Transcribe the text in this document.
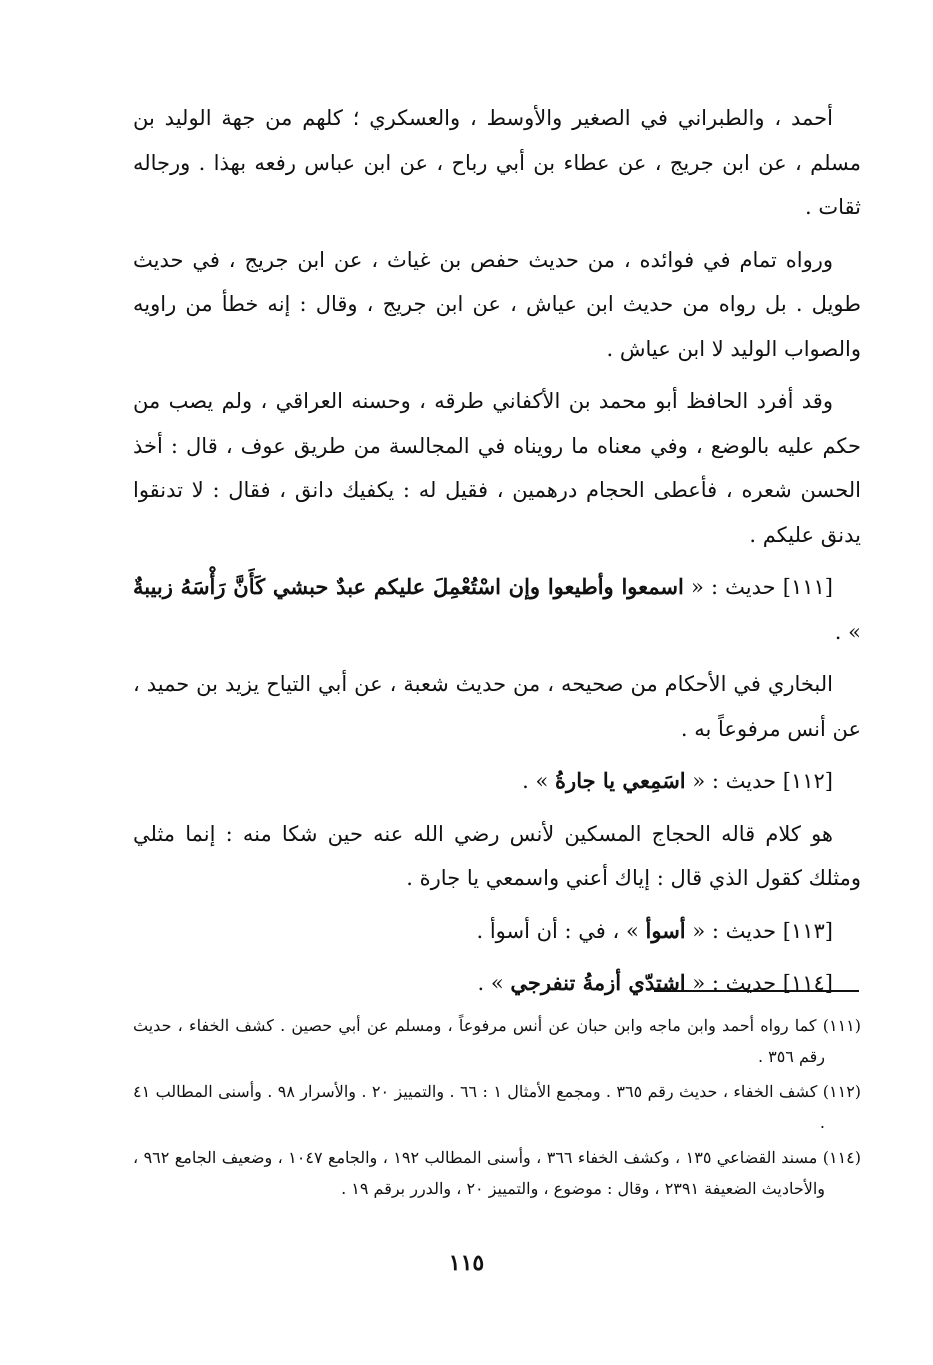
أحمد ، والطبراني في الصغير والأوسط ، والعسكري ؛ كلهم من جهة الوليد بن مسلم ، عن ابن جريج ، عن عطاء بن أبي رباح ، عن ابن عباس رفعه بهذا . ورجاله ثقات .

ورواه تمام في فوائده ، من حديث حفص بن غياث ، عن ابن جريج ، في حديث طويل . بل رواه من حديث ابن عياش ، عن ابن جريج ، وقال : إنه خطأ من راويه والصواب الوليد لا ابن عياش .

وقد أفرد الحافظ أبو محمد بن الأكفاني طرقه ، وحسنه العراقي ، ولم يصب من حكم عليه بالوضع ، وفي معناه ما رويناه في المجالسة من طريق عوف ، قال : أخذ الحسن شعره ، فأعطى الحجام درهمين ، فقيل له : يكفيك دانق ، فقال : لا تدنقوا يدنق عليكم .

[١١١] حديث : « اسمعوا وأطيعوا وإن اسْتُعْمِلَ عليكم عبدٌ حبشي كَأَنَّ رَأْسَهُ زبيبةٌ » .

البخاري في الأحكام من صحيحه ، من حديث شعبة ، عن أبي التياح يزيد بن حميد ، عن أنس مرفوعاً به .

[١١٢] حديث : « اسَمِعي يا جارةُ » .

هو كلام قاله الحجاج المسكين لأنس رضي الله عنه حين شكا منه : إنما مثلي ومثلك كقول الذي قال : إياك أعني واسمعي يا جارة .

[١١٣] حديث : « أسوأ » ، في : أن أسوأ .

[١١٤] حديث : « اشتدّي أزمةُ تنفرجي » .

(١١١) كما رواه أحمد وابن ماجه وابن حبان عن أنس مرفوعاً ، ومسلم عن أبي حصين . كشف الخفاء ، حديث رقم ٣٥٦ .

(١١٢) كشف الخفاء ، حديث رقم ٣٦٥ . ومجمع الأمثال ١ : ٦٦ . والتمييز ٢٠ . والأسرار ٩٨ . وأسنى المطالب ٤١ .

(١١٤) مسند القضاعي ١٣٥ ، وكشف الخفاء ٣٦٦ ، وأسنى المطالب ١٩٢ ، والجامع ١٠٤٧ ، وضعيف الجامع ٩٦٢ ، والأحاديث الضعيفة ٢٣٩١ ، وقال : موضوع ، والتمييز ٢٠ ، والدرر برقم ١٩ .

١١٥
